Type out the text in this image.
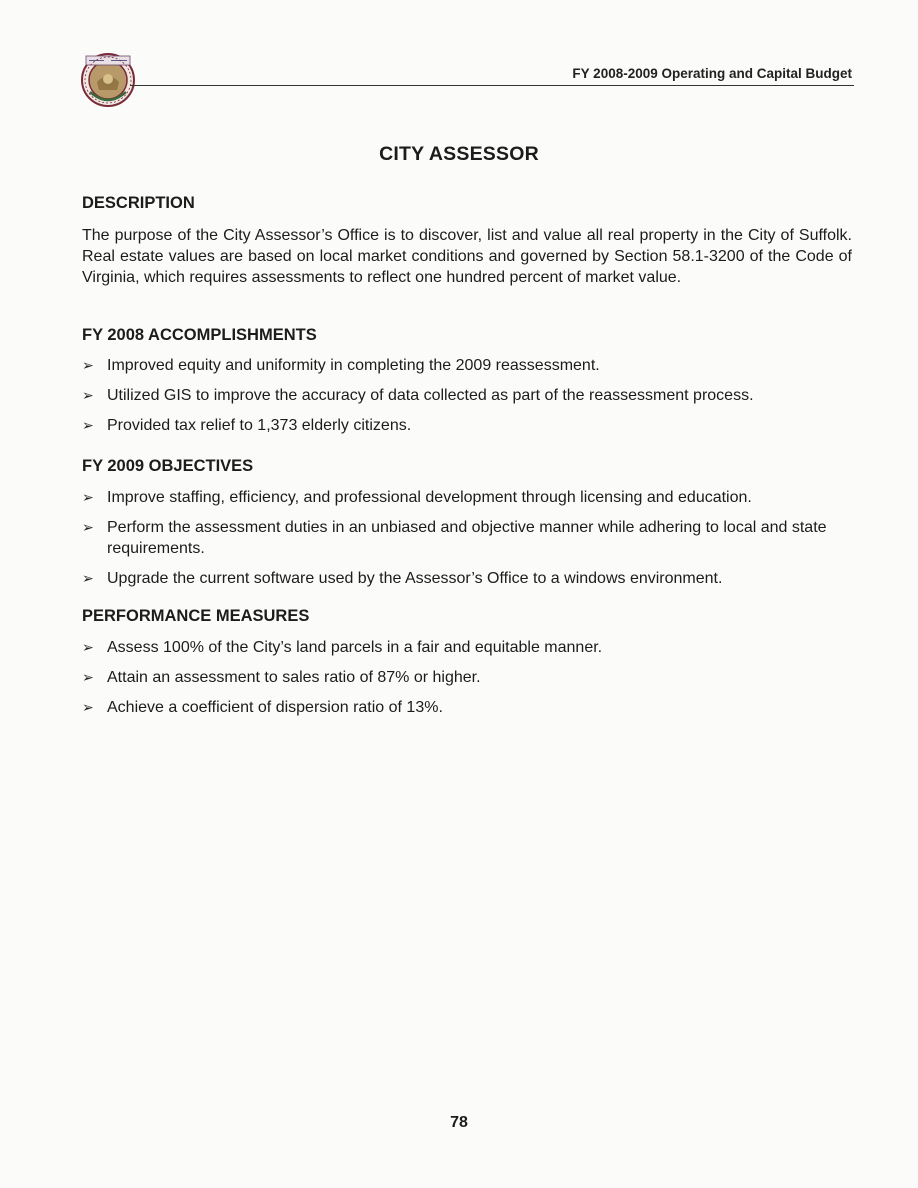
FY 2008-2009 Operating and Capital Budget
CITY ASSESSOR
DESCRIPTION
The purpose of the City Assessor’s Office is to discover, list and value all real property in the City of Suffolk. Real estate values are based on local market conditions and governed by Section 58.1-3200 of the Code of Virginia, which requires assessments to reflect one hundred percent of market value.
FY 2008 ACCOMPLISHMENTS
➢ Improved equity and uniformity in completing the 2009 reassessment.
➢ Utilized GIS to improve the accuracy of data collected as part of the reassessment process.
➢ Provided tax relief to 1,373 elderly citizens.
FY 2009 OBJECTIVES
➢ Improve staffing, efficiency, and professional development through licensing and education.
➢ Perform the assessment duties in an unbiased and objective manner while adhering to local and state requirements.
➢ Upgrade the current software used by the Assessor’s Office to a windows environment.
PERFORMANCE MEASURES
➢ Assess 100% of the City’s land parcels in a fair and equitable manner.
➢ Attain an assessment to sales ratio of 87% or higher.
➢ Achieve a coefficient of dispersion ratio of 13%.
78
